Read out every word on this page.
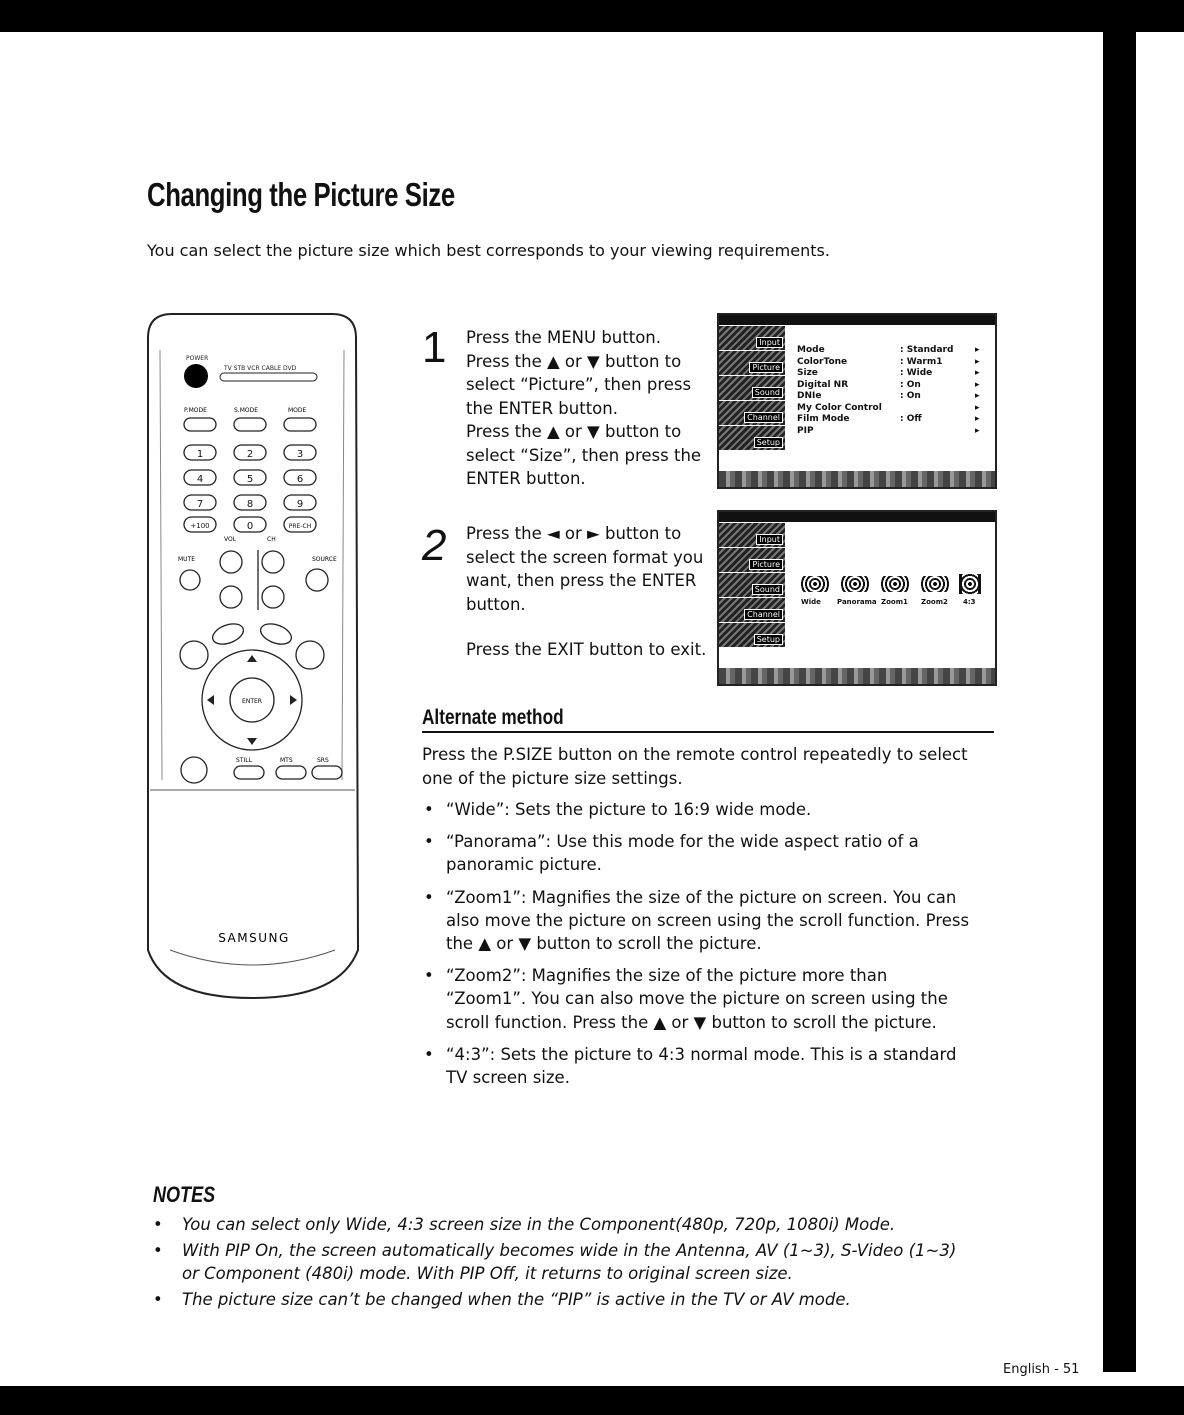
Changing the Picture Size
You can select the picture size which best corresponds to your viewing requirements.
POWER
TV STB VCR CABLE DVD
P.MODE	S.MODE	MODE
1	2	3
4	5	6
7	8	9
+100	0	PRE-CH
VOL	CH
MUTE	SOURCE
ENTER
STILL	MTS	SRS
SAMSUNG
1 Press the MENU button.

Press the ▲ or ▼ button to

select “Picture”, then press

the ENTER button.

Press the ▲ or ▼ button to

select “Size”, then press the

ENTER button.

Input
Picture
Sound
Channel
Setup
Mode	: Standard ▸
ColorTone	: Warm1	▸
Size	: Wide	▸
Digital NR	: On	▸
DNIe	: On	▸
My Color Control	▸
Film Mode	: Off	▸
PIP	▸
2 Press the ◄ or ► button to

select the screen format you

want, then press the ENTER

button.

Press the EXIT button to exit.

Input
Picture
Sound
Channel
Setup
Wide Panorama Zoom1 Zoom2 4:3
Alternate method
Press the P.SIZE button on the remote control repeatedly to select
one of the picture size settings.
• “Wide”: Sets the picture to 16:9 wide mode.
• “Panorama”: Use this mode for the wide aspect ratio of a
panoramic picture.
• “Zoom1”: Magnifies the size of the picture on screen. You can
also move the picture on screen using the scroll function. Press
the ▲ or ▼ button to scroll the picture.
• “Zoom2”: Magnifies the size of the picture more than
“Zoom1”. You can also move the picture on screen using the
scroll function. Press the ▲ or ▼ button to scroll the picture.
• “4:3”: Sets the picture to 4:3 normal mode. This is a standard
TV screen size.
NOTES
• You can select only Wide, 4:3 screen size in the Component(480p, 720p, 1080i) Mode.
• With PIP On, the screen automatically becomes wide in the Antenna, AV (1~3), S-Video (1~3)
or Component (480i) mode. With PIP Off, it returns to original screen size.
• The picture size can’t be changed when the “PIP” is active in the TV or AV mode.
English - 51
